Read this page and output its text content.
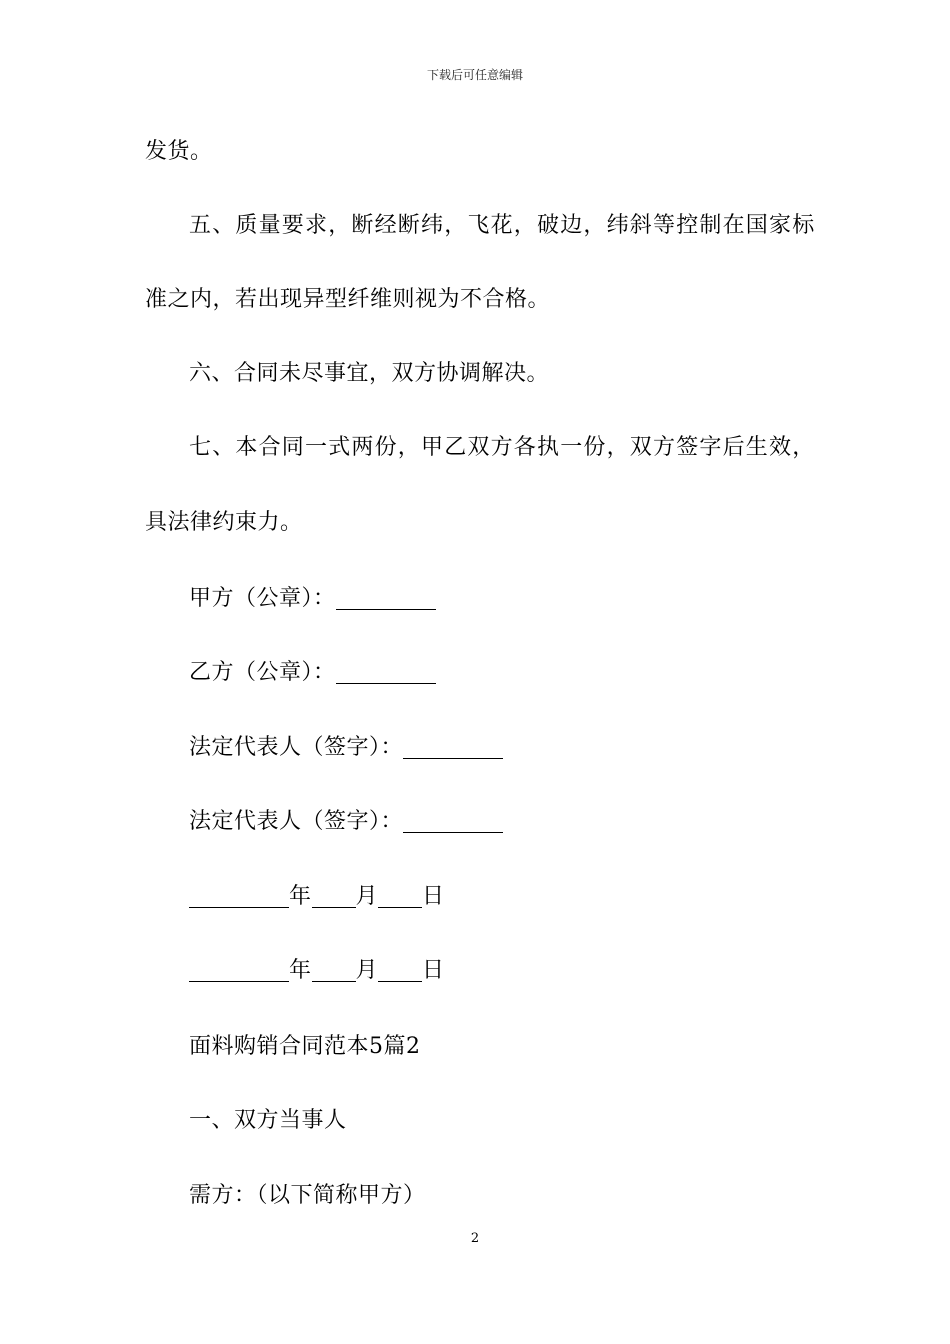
下载后可任意编辑
发货。
五、质量要求，断经断纬，飞花，破边，纬斜等控制在国家标
准之内，若出现异型纤维则视为不合格。
六、合同未尽事宜，双方协调解决。
七、本合同一式两份，甲乙双方各执一份，双方签字后生效，
具法律约束力。
甲方（公章）：
乙方（公章）：
法定代表人（签字）：
法定代表人（签字）：
年 月 日
年 月 日
面料购销合同范本5篇2
一、双方当事人
需方：（以下简称甲方）
2
